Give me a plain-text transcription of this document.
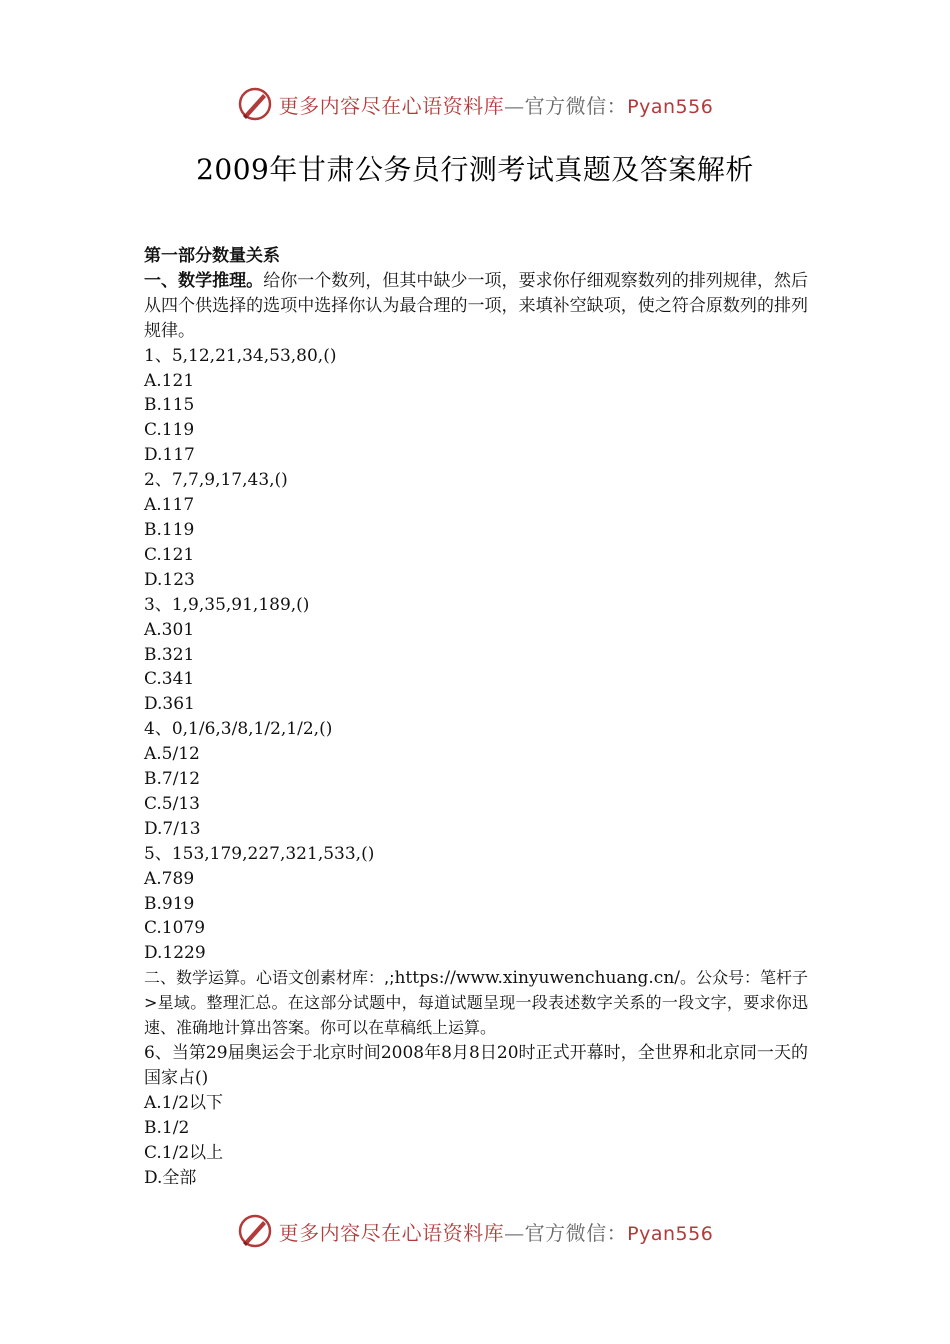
更多内容尽在心语资料库—官方微信：Pyan556
2009年甘肃公务员行测考试真题及答案解析

第一部分数量关系

一、数学推理。给你一个数列，但其中缺少一项，要求你仔细观察数列的排列规律，然后从四个供选择的选项中选择你认为最合理的一项，来填补空缺项，使之符合原数列的排列规律。

1、5,12,21,34,53,80,()

A.121

B.115

C.119

D.117

2、7,7,9,17,43,()

A.117

B.119

C.121

D.123

3、1,9,35,91,189,()

A.301

B.321

C.341

D.361

4、0,1/6,3/8,1/2,1/2,()

A.5/12

B.7/12

C.5/13

D.7/13

5、153,179,227,321,533,()

A.789

B.919

C.1079

D.1229

二、数学运算。心语文创素材库：,;https://www.xinyuwenchuang.cn/。公众号：笔杆子>星域。整理汇总。在这部分试题中，每道试题呈现一段表述数字关系的一段文字，要求你迅速、准确地计算出答案。你可以在草稿纸上运算。

6、当第29届奥运会于北京时间2008年8月8日20时正式开幕时，全世界和北京同一天的国家占()

A.1/2以下

B.1/2

C.1/2以上

D.全部

更多内容尽在心语资料库—官方微信：Pyan556
